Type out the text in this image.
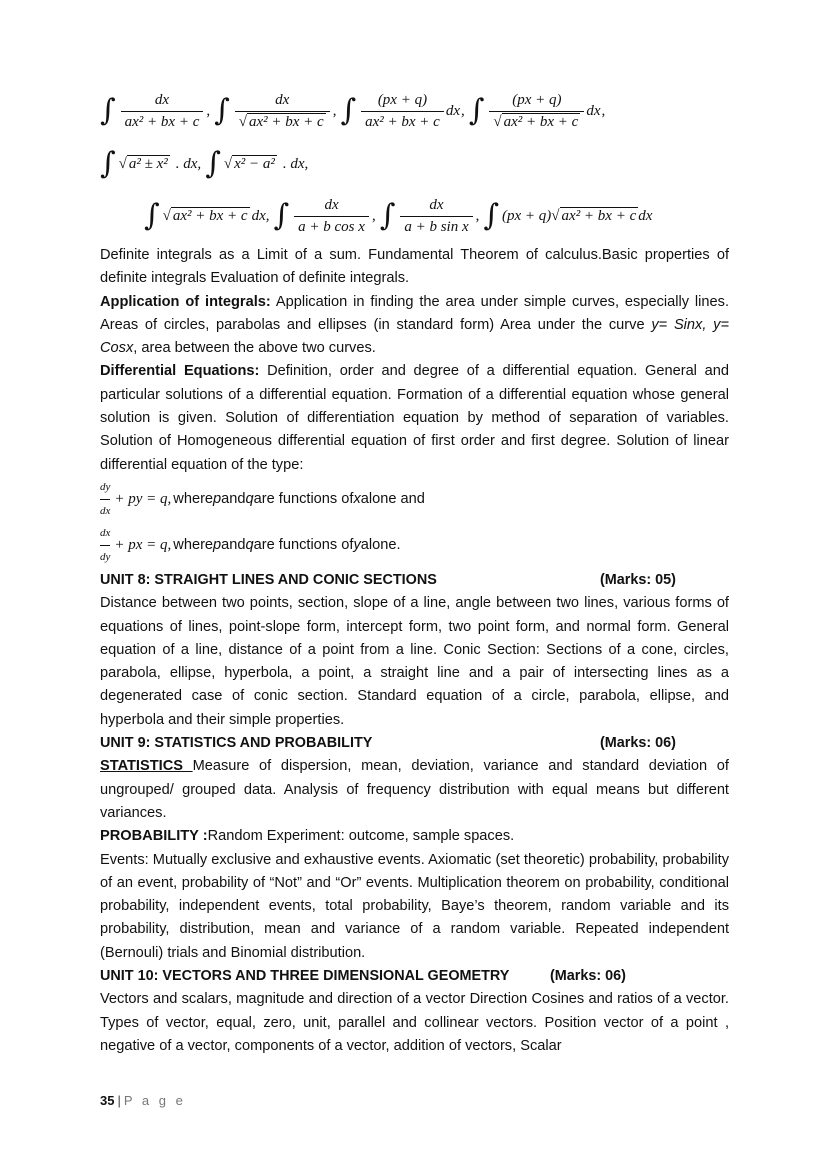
∫ $\frac{dx}{\text{ax² + bx + c}}$ , ∫ $\frac{dx}{\text{√ ax² + bx + c}}$ , ∫ $\frac{(px + q)}{\text{ax² + bx + c}}$ dx , ∫ $\frac{(px + q)}{\text{√ ax² + bx + c}}$ dx ,
∫ √ a² ± x² . dx, ∫ √ x² − a² . dx,
∫ √ ax² + bx + c dx, ∫ $\frac{dx}{\text{a + b cos x}}$ , ∫ $\frac{dx}{\text{a + b sin x}}$ , ∫ (px + q) √ ax² + bx + c dx

Definite integrals as a Limit of a sum. Fundamental Theorem of calculus.Basic properties of definite integrals Evaluation of definite integrals.

Application of integrals: Application in finding the area under simple curves, especially lines. Areas of circles, parabolas and ellipses (in standard form) Area under the curve y= Sinx, y= Cosx, area between the above two curves.

Differential Equations: Definition, order and degree of a differential equation. General and particular solutions of a differential equation. Formation of a differential equation whose general solution is given. Solution of differentiation equation by method of separation of variables. Solution of Homogeneous differential equation of first order and first degree. Solution of linear differential equation of the type:

dy
dx
+ py = q, where p and q are functions of x alone and
dx
dy
+ px = q, where p and q are functions of y alone.
UNIT 8: STRAIGHT LINES AND CONIC SECTIONS	(Marks: 05)

Distance between two points, section, slope of a line, angle between two lines, various forms of equations of lines, point-slope form, intercept form, two point form, and normal form. General equation of a line, distance of a point from a line. Conic Section: Sections of a cone, circles, parabola, ellipse, hyperbola, a point, a straight line and a pair of intersecting lines as a degenerated case of conic section. Standard equation of a circle, parabola, ellipse, and hyperbola and their simple properties.

UNIT 9: STATISTICS AND PROBABILITY	(Marks: 06)

STATISTICS Measure of dispersion, mean, deviation, variance and standard deviation of ungrouped/ grouped data. Analysis of frequency distribution with equal means but different variances.

PROBABILITY :Random Experiment: outcome, sample spaces.

Events: Mutually exclusive and exhaustive events. Axiomatic (set theoretic) probability, probability of an event, probability of “Not” and “Or” events. Multiplication theorem on probability, conditional probability, independent events, total probability, Baye’s theorem, random variable and its probability, distribution, mean and variance of a random variable. Repeated independent (Bernouli) trials and Binomial distribution.

UNIT 10: VECTORS AND THREE DIMENSIONAL GEOMETRY	(Marks: 06)

Vectors and scalars, magnitude and direction of a vector Direction Cosines and ratios of a vector. Types of vector, equal, zero, unit, parallel and collinear vectors. Position vector of a point , negative of a vector, components of a vector, addition of vectors, Scalar

35 | P a g e
